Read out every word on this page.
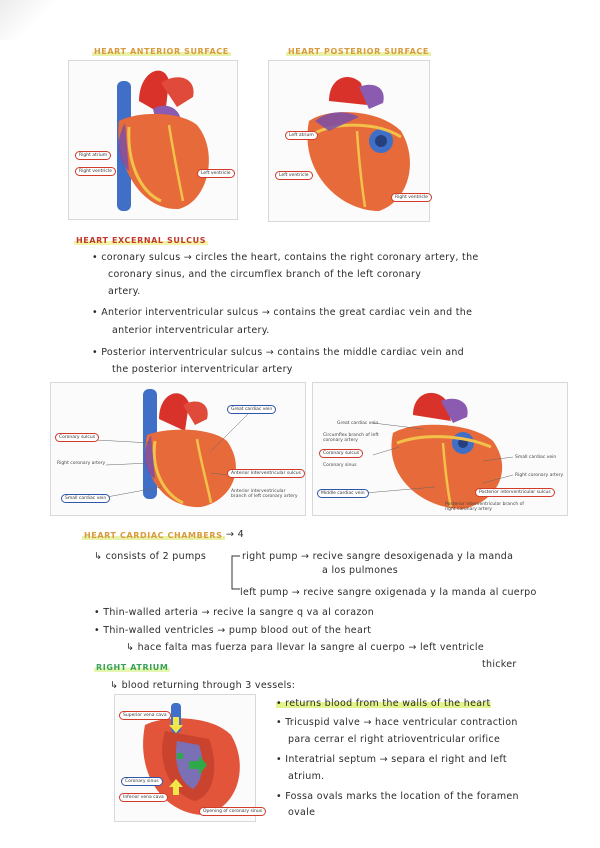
HEART ANTERIOR SURFACE	HEART POSTERIOR SURFACE
Right atrium
Right ventricle	Left ventricle
Left atrium
Left ventricle
Right ventricle
HEART EXCERNAL SULCUS
• coronary sulcus → circles the heart, contains the right coronary artery, the
coronary sinus, and the circumflex branch of the left coronary
artery.
• Anterior interventricular sulcus → contains the great cardiac vein and the
anterior interventricular artery.
• Posterior interventricular sulcus → contains the middle cardiac vein and
the posterior interventricular artery
Coronary sulcus
Right coronary artery
Small cardiac vein
Great cardiac vein
Anterior interventricular sulcus
Anterior interventricular branch of left coronary artery
Great cardiac vein
Circumflex branch of left coronary artery
Coronary sulcus
Coronary sinus
Middle cardiac vein
Small cardiac vein
Right coronary artery
Posterior interventricular sulcus
Posterior interventricular branch of right coronary artery
HEART CARDIAC CHAMBERS → 4
↳ consists of 2 pumps	right pump → recive sangre desoxigenada y la manda
a los pulmones
left pump → recive sangre oxigenada y la manda al cuerpo
• Thin-walled arteria → recive la sangre q va al corazon
• Thin-walled ventricles → pump blood out of the heart
↳ hace falta mas fuerza para llevar la sangre al cuerpo → left ventricle
thicker
RIGHT ATRIUM
↳ blood returning through 3 vessels:
Superior vena cava
Inferior vena cava
Coronary sinus
Opening of coronary sinus
• returns blood from the walls of the heart
• Tricuspid valve → hace ventricular contraction
para cerrar el right atrioventricular orifice
• Interatrial septum → separa el right and left
atrium.
• Fossa ovals marks the location of the foramen
ovale
